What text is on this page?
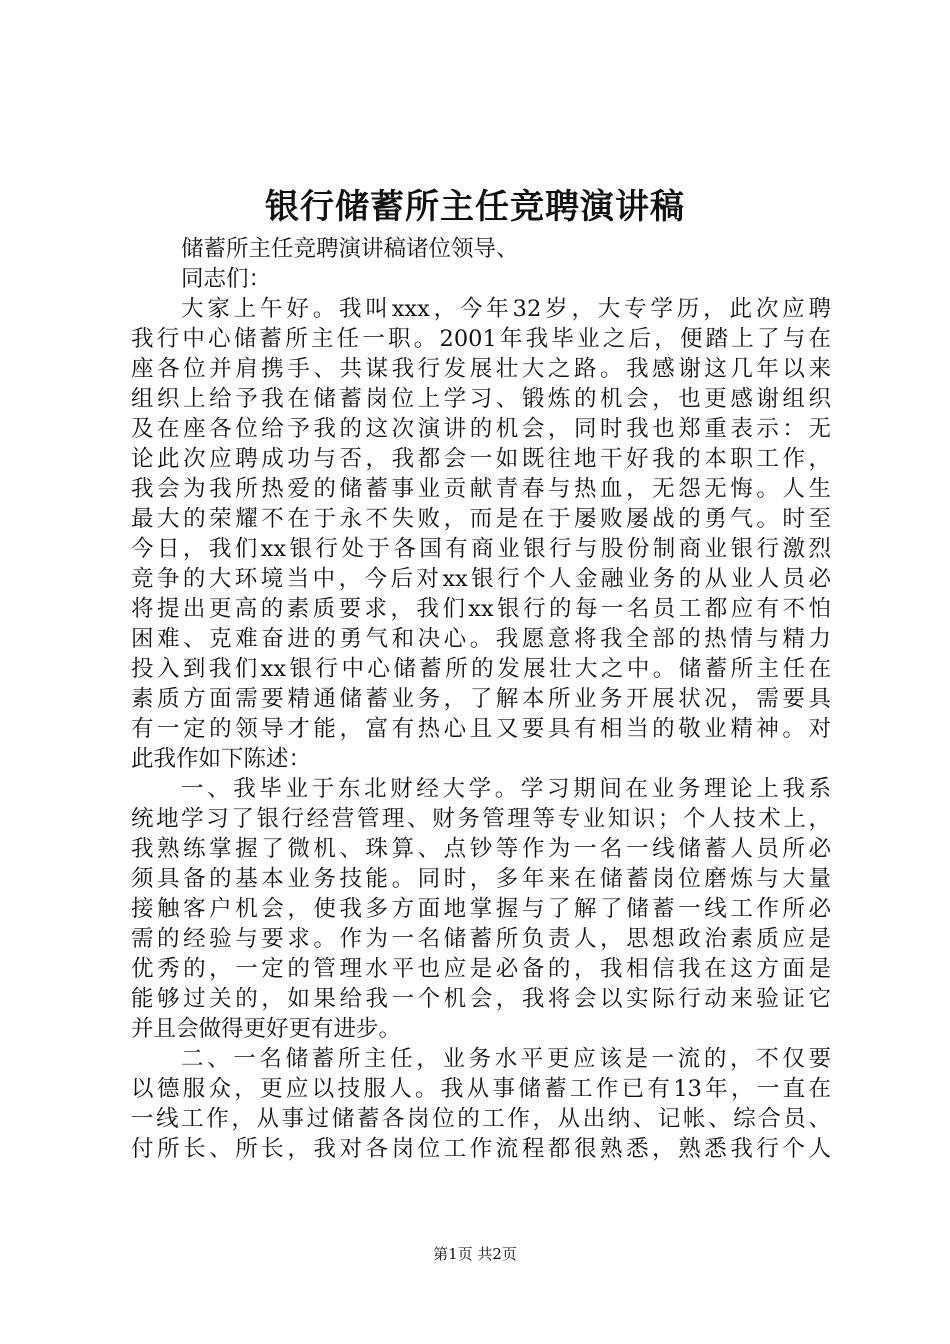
银行储蓄所主任竞聘演讲稿
储蓄所主任竞聘演讲稿诸位领导、
同志们：
大家上午好。我叫xxx，今年32岁，大专学历，此次应聘
我行中心储蓄所主任一职。2001年我毕业之后，便踏上了与在
座各位并肩携手、共谋我行发展壮大之路。我感谢这几年以来
组织上给予我在储蓄岗位上学习、锻炼的机会，也更感谢组织
及在座各位给予我的这次演讲的机会，同时我也郑重表示：无
论此次应聘成功与否，我都会一如既往地干好我的本职工作，
我会为我所热爱的储蓄事业贡献青春与热血，无怨无悔。人生
最大的荣耀不在于永不失败，而是在于屡败屡战的勇气。时至
今日，我们xx银行处于各国有商业银行与股份制商业银行激烈
竞争的大环境当中，今后对xx银行个人金融业务的从业人员必
将提出更高的素质要求，我们xx银行的每一名员工都应有不怕
困难、克难奋进的勇气和决心。我愿意将我全部的热情与精力
投入到我们xx银行中心储蓄所的发展壮大之中。储蓄所主任在
素质方面需要精通储蓄业务，了解本所业务开展状况，需要具
有一定的领导才能，富有热心且又要具有相当的敬业精神。对
此我作如下陈述：
一、我毕业于东北财经大学。学习期间在业务理论上我系
统地学习了银行经营管理、财务管理等专业知识；个人技术上，
我熟练掌握了微机、珠算、点钞等作为一名一线储蓄人员所必
须具备的基本业务技能。同时，多年来在储蓄岗位磨炼与大量
接触客户机会，使我多方面地掌握与了解了储蓄一线工作所必
需的经验与要求。作为一名储蓄所负责人，思想政治素质应是
优秀的，一定的管理水平也应是必备的，我相信我在这方面是
能够过关的，如果给我一个机会，我将会以实际行动来验证它
并且会做得更好更有进步。
二、一名储蓄所主任，业务水平更应该是一流的，不仅要
以德服众，更应以技服人。我从事储蓄工作已有13年，一直在
一线工作，从事过储蓄各岗位的工作，从出纳、记帐、综合员、
付所长、所长，我对各岗位工作流程都很熟悉，熟悉我行个人
第1页 共2页
